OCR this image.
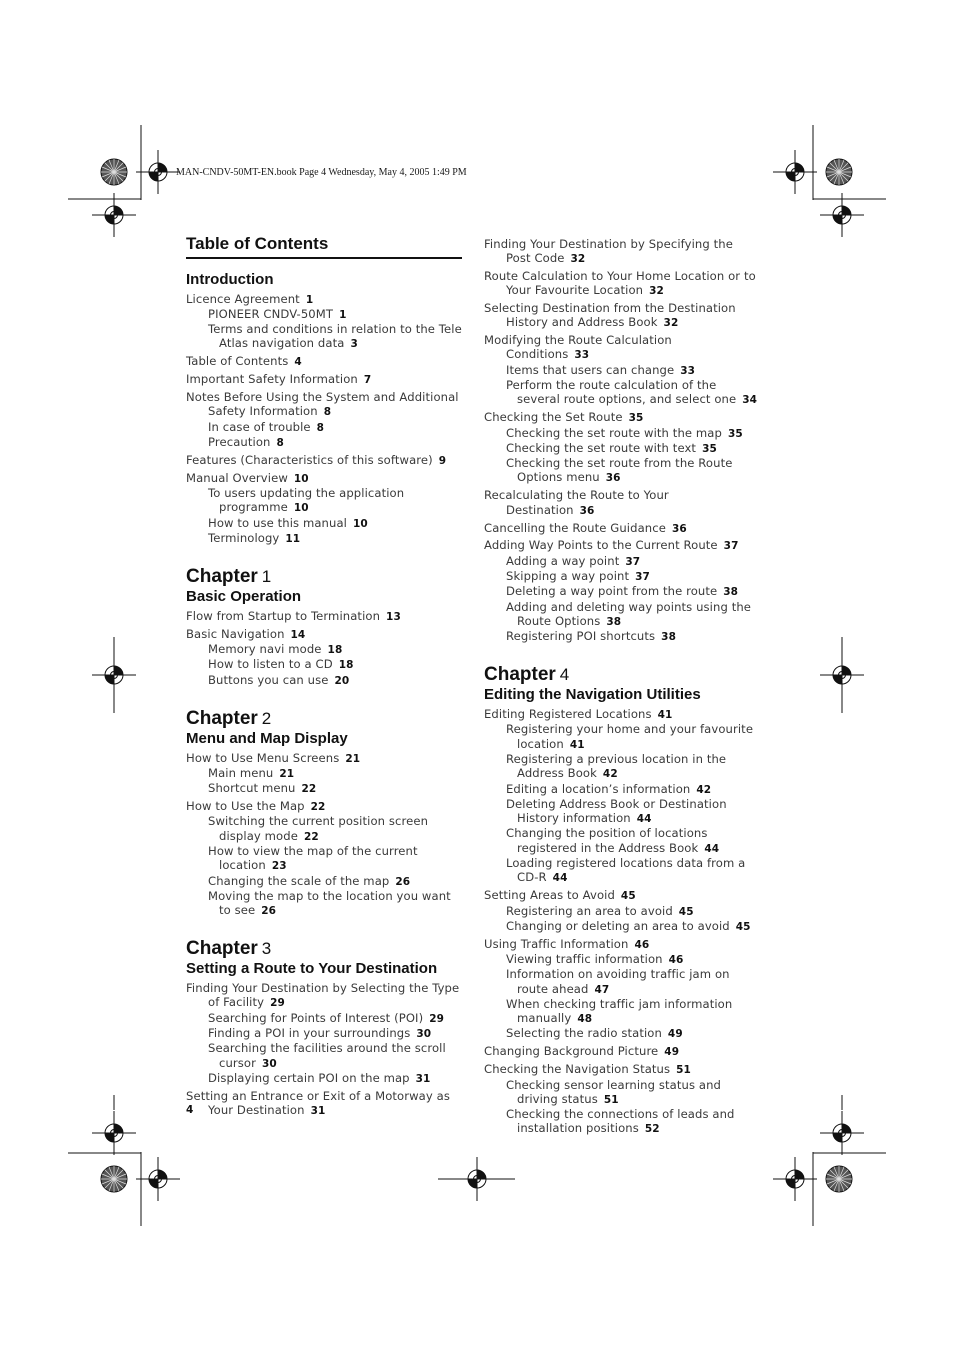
MAN-CNDV-50MT-EN.book Page 4 Wednesday, May 4, 2005 1:49 PM
Table of Contents
Introduction
Licence Agreement 1
PIONEER CNDV-50MT 1
Terms and conditions in relation to the Tele Atlas navigation data 3
Table of Contents 4
Important Safety Information 7
Notes Before Using the System and Additional Safety Information 8
In case of trouble 8
Precaution 8
Features (Characteristics of this software) 9
Manual Overview 10
To users updating the application programme 10
How to use this manual 10
Terminology 11
Chapter 1
Basic Operation
Flow from Startup to Termination 13
Basic Navigation 14
Memory navi mode 18
How to listen to a CD 18
Buttons you can use 20
Chapter 2
Menu and Map Display
How to Use Menu Screens 21
Main menu 21
Shortcut menu 22
How to Use the Map 22
Switching the current position screen display mode 22
How to view the map of the current location 23
Changing the scale of the map 26
Moving the map to the location you want to see 26
Chapter 3
Setting a Route to Your Destination
Finding Your Destination by Selecting the Type of Facility 29
Searching for Points of Interest (POI) 29
Finding a POI in your surroundings 30
Searching the facilities around the scroll cursor 30
Displaying certain POI on the map 31
Setting an Entrance or Exit of a Motorway as Your Destination 31
Finding Your Destination by Specifying the Post Code 32
Route Calculation to Your Home Location or to Your Favourite Location 32
Selecting Destination from the Destination History and Address Book 32
Modifying the Route Calculation Conditions 33
Items that users can change 33
Perform the route calculation of the several route options, and select one 34
Checking the Set Route 35
Checking the set route with the map 35
Checking the set route with text 35
Checking the set route from the Route Options menu 36
Recalculating the Route to Your Destination 36
Cancelling the Route Guidance 36
Adding Way Points to the Current Route 37
Adding a way point 37
Skipping a way point 37
Deleting a way point from the route 38
Adding and deleting way points using the Route Options 38
Registering POI shortcuts 38
Chapter 4
Editing the Navigation Utilities
Editing Registered Locations 41
Registering your home and your favourite location 41
Registering a previous location in the Address Book 42
Editing a location’s information 42
Deleting Address Book or Destination History information 44
Changing the position of locations registered in the Address Book 44
Loading registered locations data from a CD-R 44
Setting Areas to Avoid 45
Registering an area to avoid 45
Changing or deleting an area to avoid 45
Using Traffic Information 46
Viewing traffic information 46
Information on avoiding traffic jam on route ahead 47
When checking traffic jam information manually 48
Selecting the radio station 49
Changing Background Picture 49
Checking the Navigation Status 51
Checking sensor learning status and driving status 51
Checking the connections of leads and installation positions 52
4
